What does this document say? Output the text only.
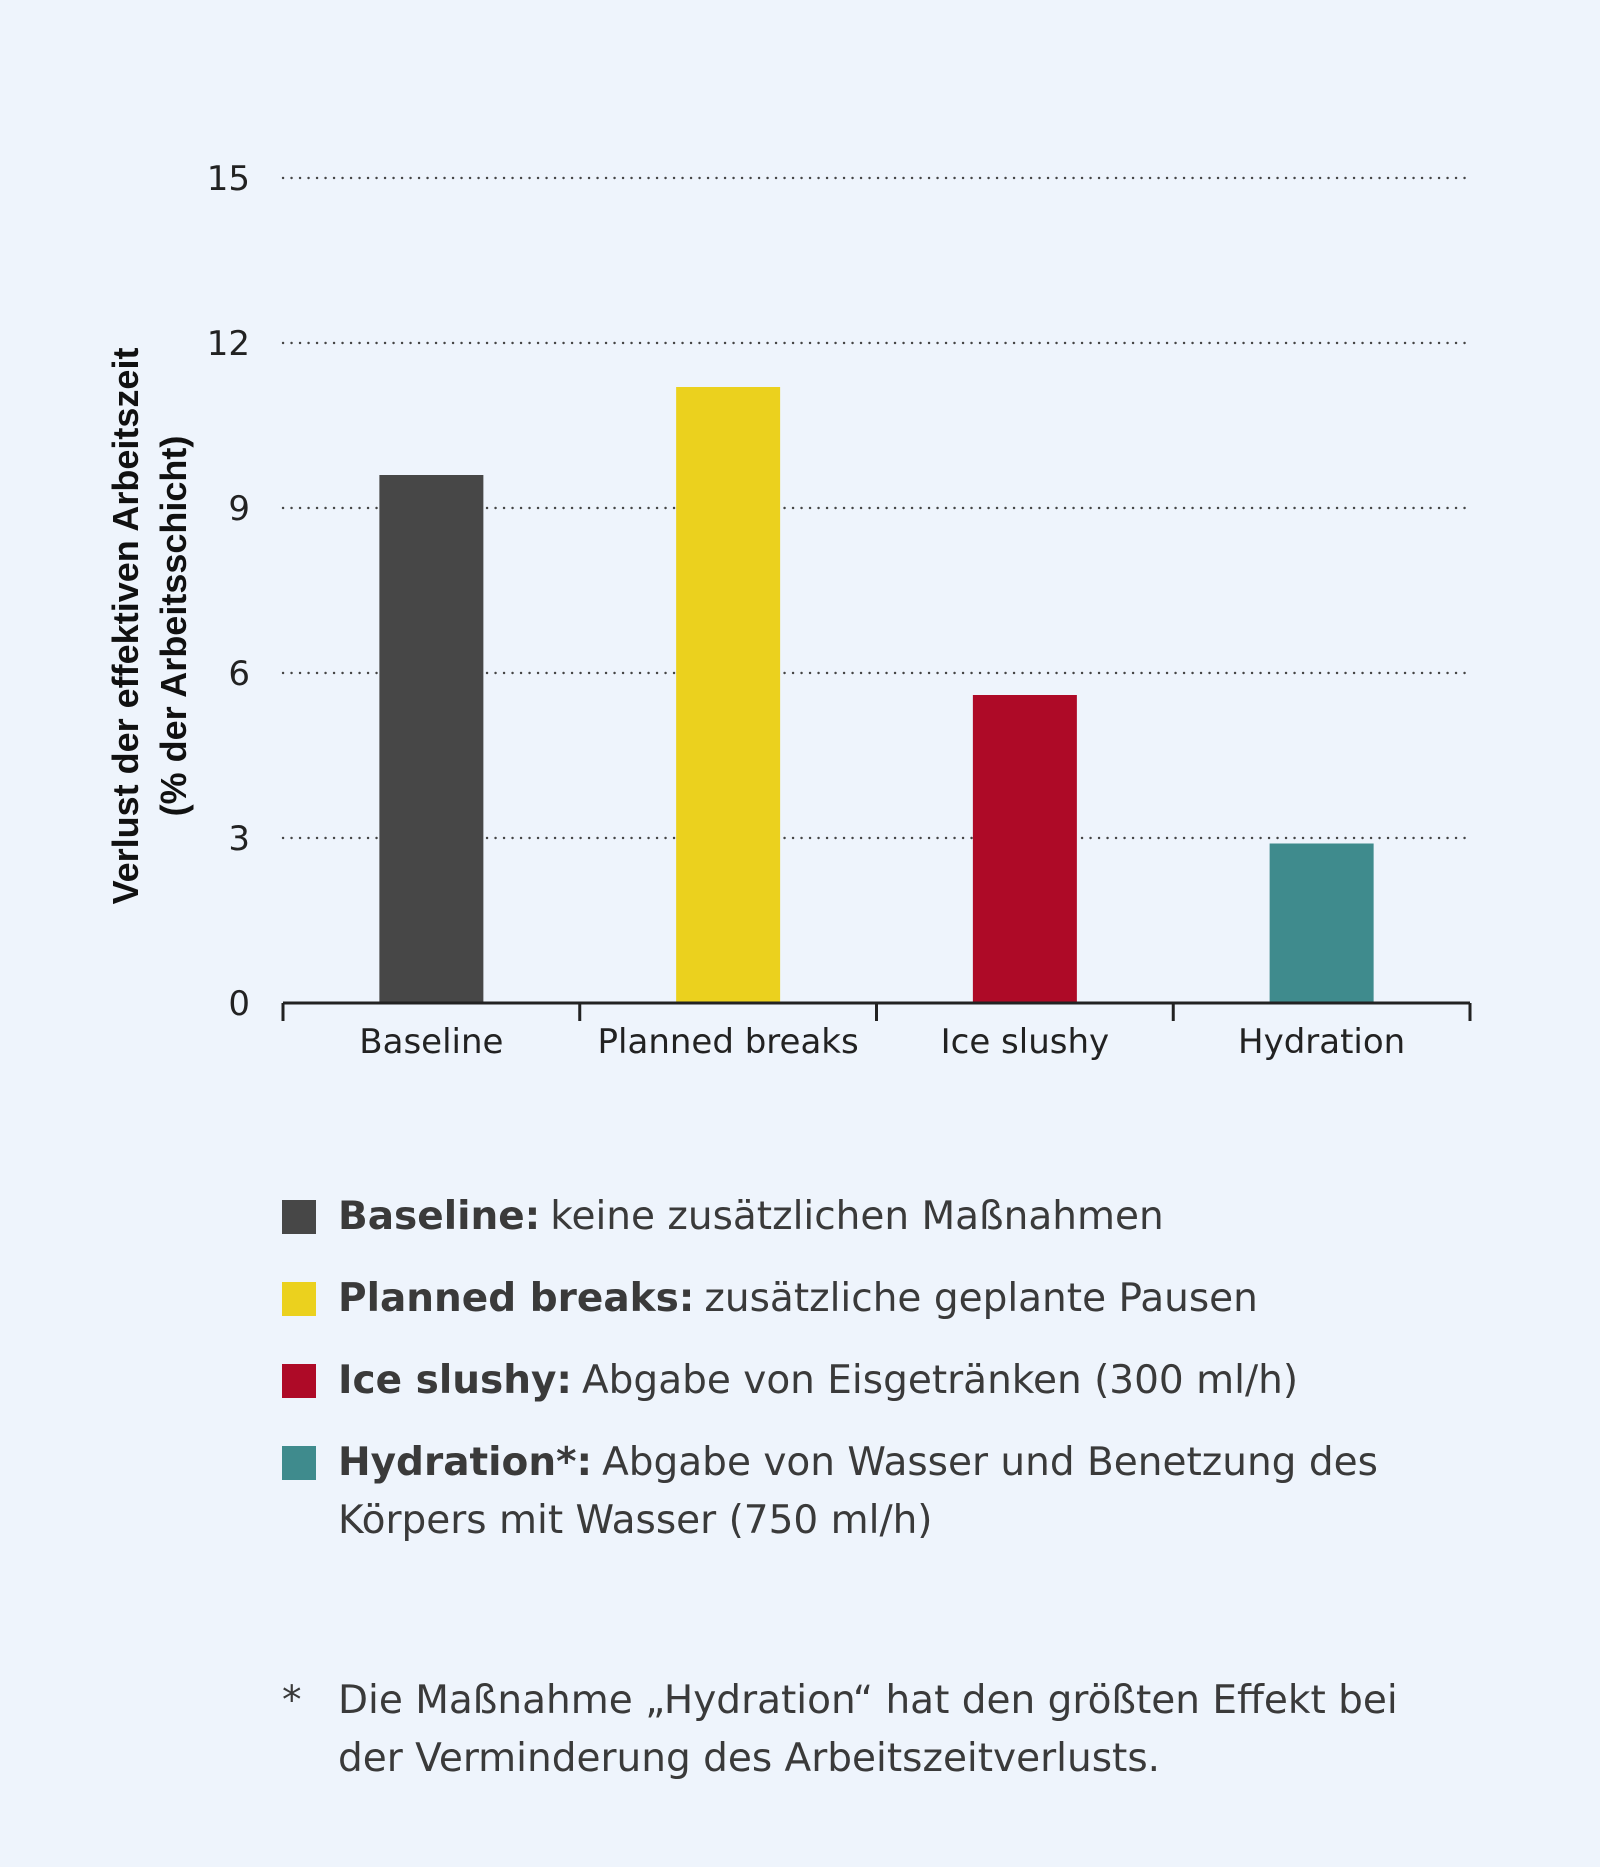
0
3
6
9
12
15
Baseline	Planned breaks Ice slushy	Hydration
Verlust der effektiven Arbeitszeit (% der Arbeitsschicht)
Baseline: keine zusätzlichen Maßnahmen
Planned breaks: zusätzliche geplante Pausen
Ice slushy: Abgabe von Eisgetränken (300 ml/h)
Hydration*: Abgabe von Wasser und Benetzung des Körpers mit Wasser (750 ml/h)
* Die Maßnahme „Hydration“ hat den größten Effekt bei der Verminderung des Arbeitszeitverlusts.
